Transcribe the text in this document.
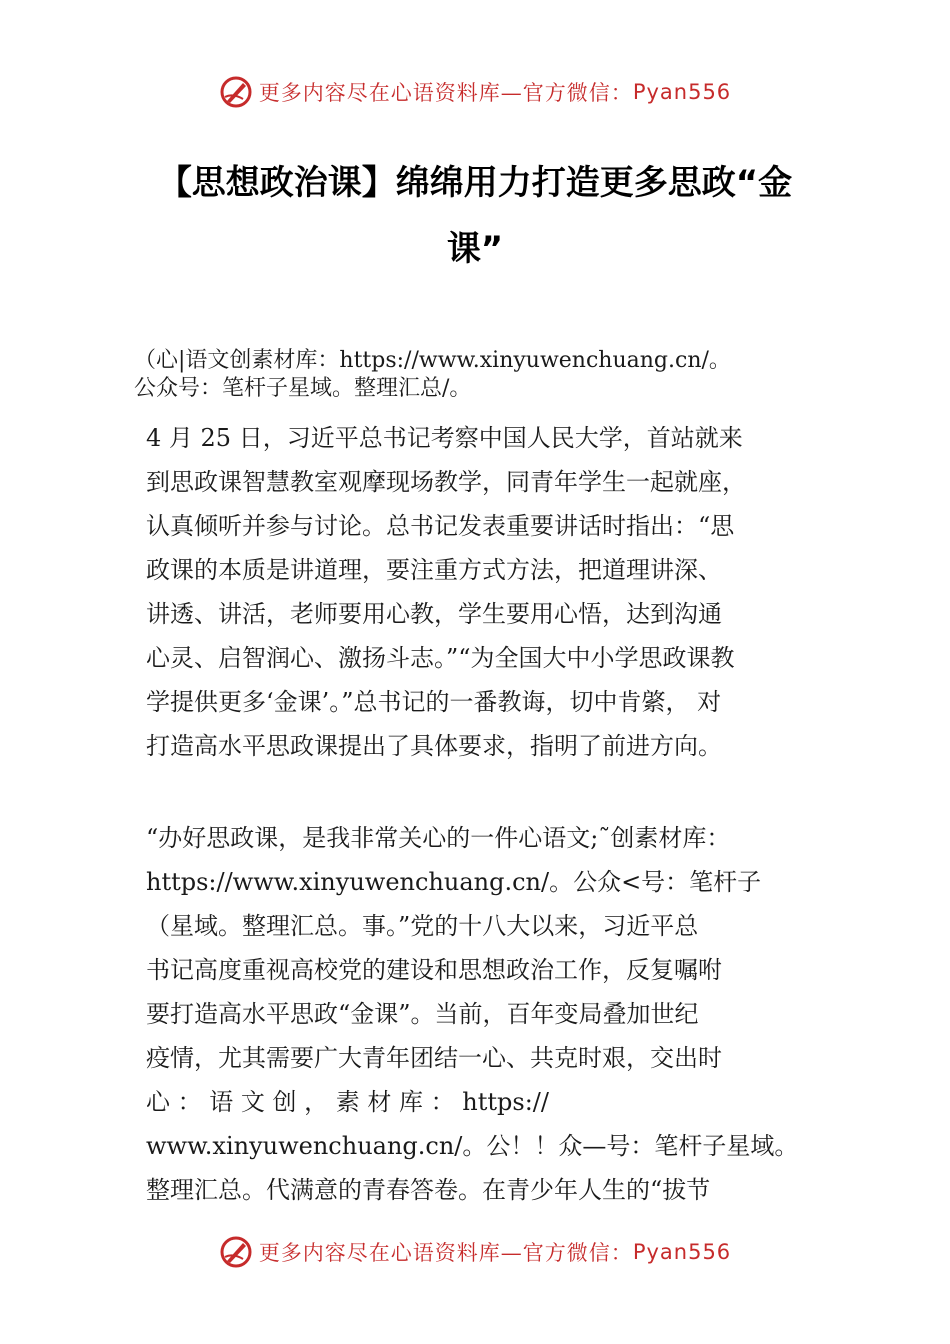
更多内容尽在心语资料库—官方微信： Pyan556
【思想政治课】绵绵用力打造更多思政“金
课”
（心|语文创素材库：https://www.xinyuwenchuang.cn/。
公众号：笔杆子星域。整理汇总/。
4 月 25 日，习近平总书记考察中国人民大学，首站就来
到思政课智慧教室观摩现场教学，同青年学生一起就座，
认真倾听并参与讨论。总书记发表重要讲话时指出：“思
政课的本质是讲道理，要注重方式方法，把道理讲深、
讲透、讲活，老师要用心教，学生要用心悟，达到沟通
心灵、启智润心、激扬斗志。”“为全国大中小学思政课教
学提供更多‘金课’。”总书记的一番教诲，切中肯綮， 对
打造高水平思政课提出了具体要求，指明了前进方向。
“办好思政课，是我非常关心的一件心语文;˜创素材库：
https://www.xinyuwenchuang.cn/。公众<号：笔杆子
（星域。整理汇总。事。”党的十八大以来，习近平总
书记高度重视高校党的建设和思想政治工作，反复嘱咐
要打造高水平思政“金课”。当前，百年变局叠加世纪
疫情，尤其需要广大青年团结一心、共克时艰，交出时
心 ： 语 文 创 ， 素 材 库 ： https://
www.xinyuwenchuang.cn/。公！！众—号：笔杆子星域。
整理汇总。代满意的青春答卷。在青少年人生的“拔节
更多内容尽在心语资料库—官方微信： Pyan556
